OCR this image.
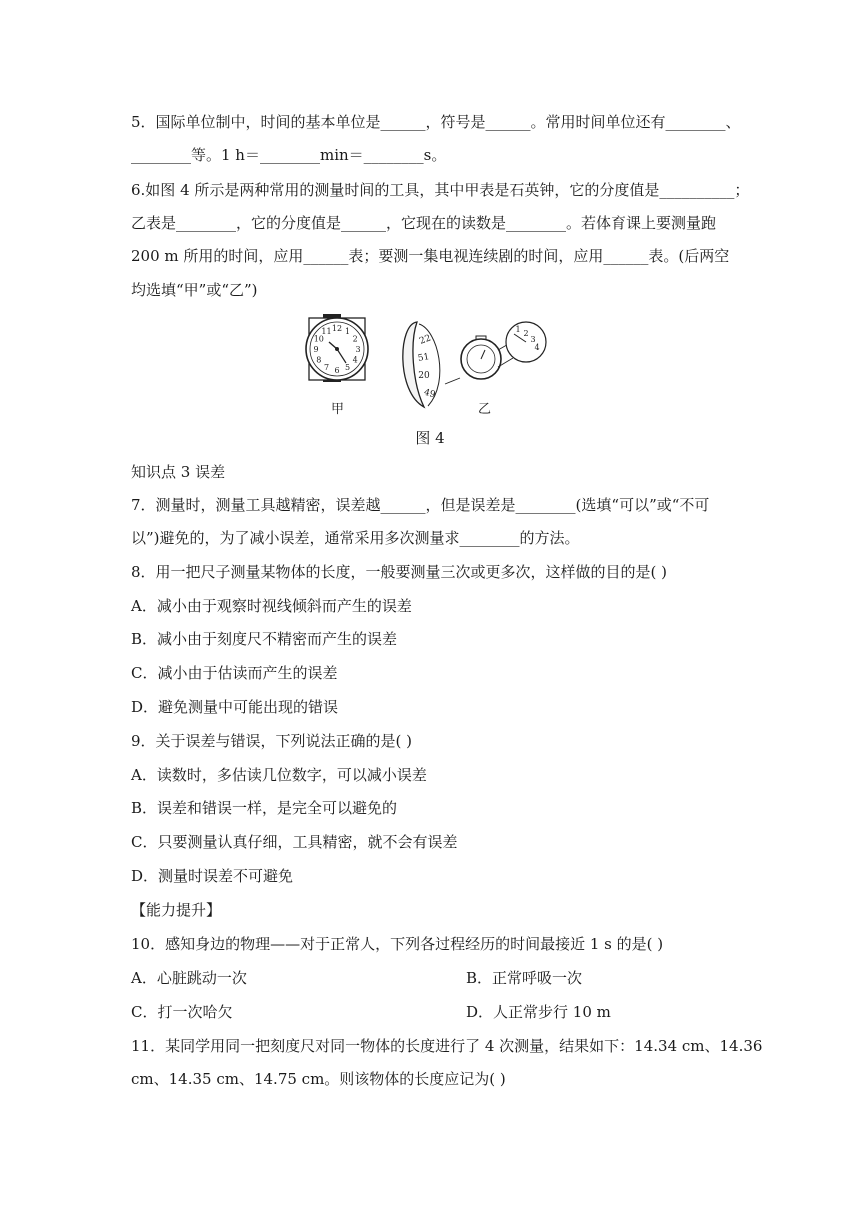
5．国际单位制中，时间的基本单位是______，符号是______。常用时间单位还有________、
________等。1 h＝________min＝________s。
6.如图 4 所示是两种常用的测量时间的工具，其中甲表是石英钟，它的分度值是__________；
乙表是________，它的分度值是______，它现在的读数是________。若体育课上要测量跑
200 m 所用的时间，应用______表；要测一集电视连续剧的时间，应用______表。(后两空
均选填“甲”或“乙”)
12 1
2
3
4
5
6
7
8
9
10
11
22
51
20
49
1 2
3
4
甲	乙
图 4
知识点 3 误差
7．测量时，测量工具越精密，误差越______，但是误差是________(选填“可以”或“不可
以”)避免的，为了减小误差，通常采用多次测量求________的方法。
8．用一把尺子测量某物体的长度，一般要测量三次或更多次，这样做的目的是( )
A．减小由于观察时视线倾斜而产生的误差
B．减小由于刻度尺不精密而产生的误差
C．减小由于估读而产生的误差
D．避免测量中可能出现的错误
9．关于误差与错误，下列说法正确的是( )
A．读数时，多估读几位数字，可以减小误差
B．误差和错误一样，是完全可以避免的
C．只要测量认真仔细，工具精密，就不会有误差
D．测量时误差不可避免
【能力提升】
10．感知身边的物理——对于正常人，下列各过程经历的时间最接近 1 s 的是( )
A．心脏跳动一次	B．正常呼吸一次
C．打一次哈欠	D．人正常步行 10 m
11．某同学用同一把刻度尺对同一物体的长度进行了 4 次测量，结果如下：14.34 cm、14.36
cm、14.35 cm、14.75 cm。则该物体的长度应记为( )
